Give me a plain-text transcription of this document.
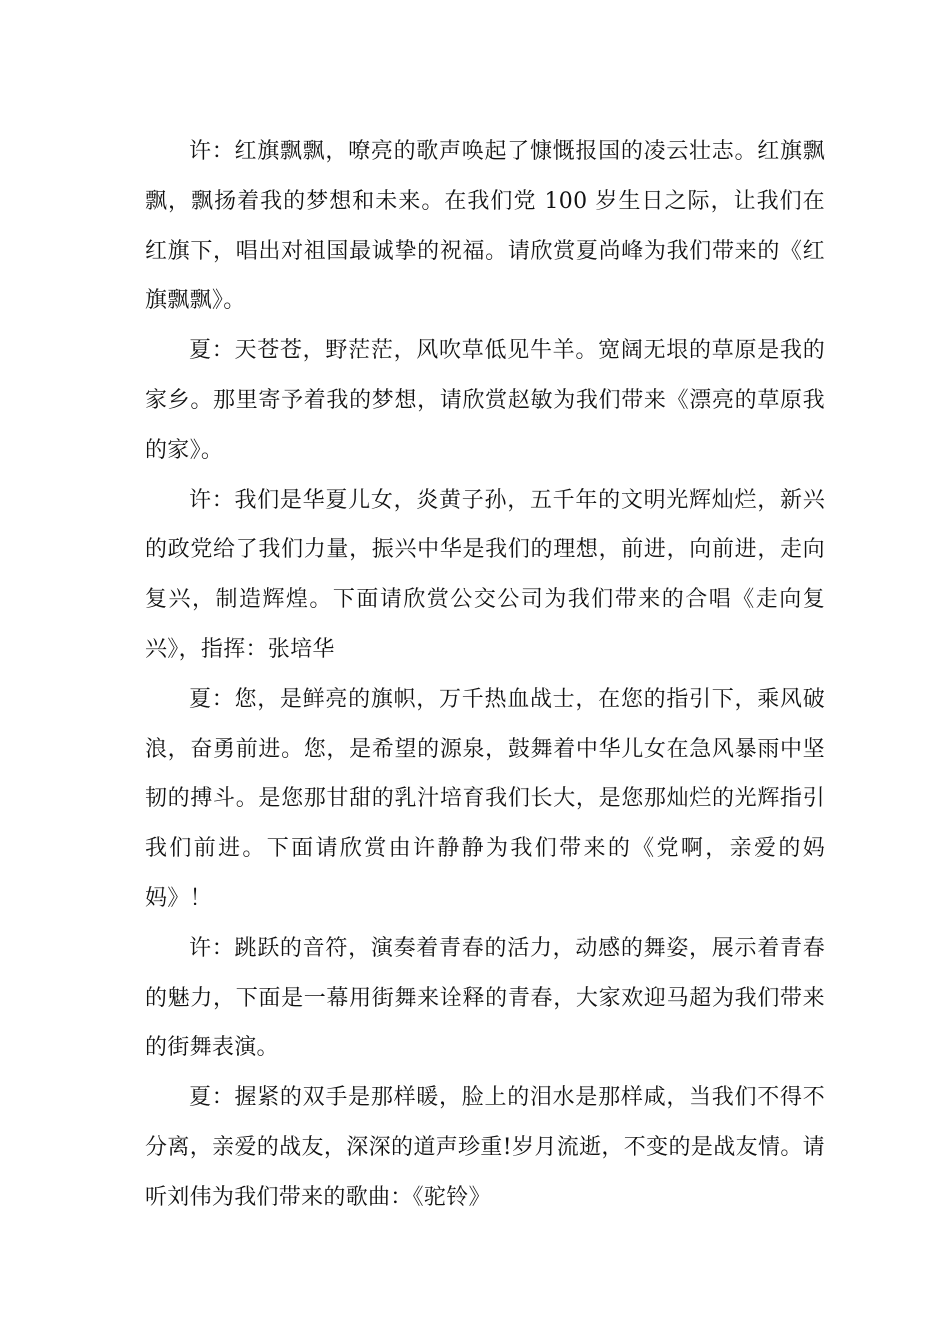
许：红旗飘飘，嘹亮的歌声唤起了慷慨报国的凌云壮志。红旗飘飘，飘扬着我的梦想和未来。在我们党 100 岁生日之际，让我们在红旗下，唱出对祖国最诚挚的祝福。请欣赏夏尚峰为我们带来的《红旗飘飘》。

夏：天苍苍，野茫茫，风吹草低见牛羊。宽阔无垠的草原是我的家乡。那里寄予着我的梦想，请欣赏赵敏为我们带来《漂亮的草原我的家》。

许：我们是华夏儿女，炎黄子孙，五千年的文明光辉灿烂，新兴的政党给了我们力量，振兴中华是我们的理想，前进，向前进，走向复兴，制造辉煌。下面请欣赏公交公司为我们带来的合唱《走向复兴》，指挥：张培华

夏：您，是鲜亮的旗帜，万千热血战士，在您的指引下，乘风破浪，奋勇前进。您，是希望的源泉，鼓舞着中华儿女在急风暴雨中坚韧的搏斗。是您那甘甜的乳汁培育我们长大，是您那灿烂的光辉指引我们前进。下面请欣赏由许静静为我们带来的《党啊，亲爱的妈妈》！

许：跳跃的音符，演奏着青春的活力，动感的舞姿，展示着青春的魅力，下面是一幕用街舞来诠释的青春，大家欢迎马超为我们带来的街舞表演。

夏：握紧的双手是那样暖，脸上的泪水是那样咸，当我们不得不分离，亲爱的战友，深深的道声珍重!岁月流逝，不变的是战友情。请听刘伟为我们带来的歌曲：《驼铃》
